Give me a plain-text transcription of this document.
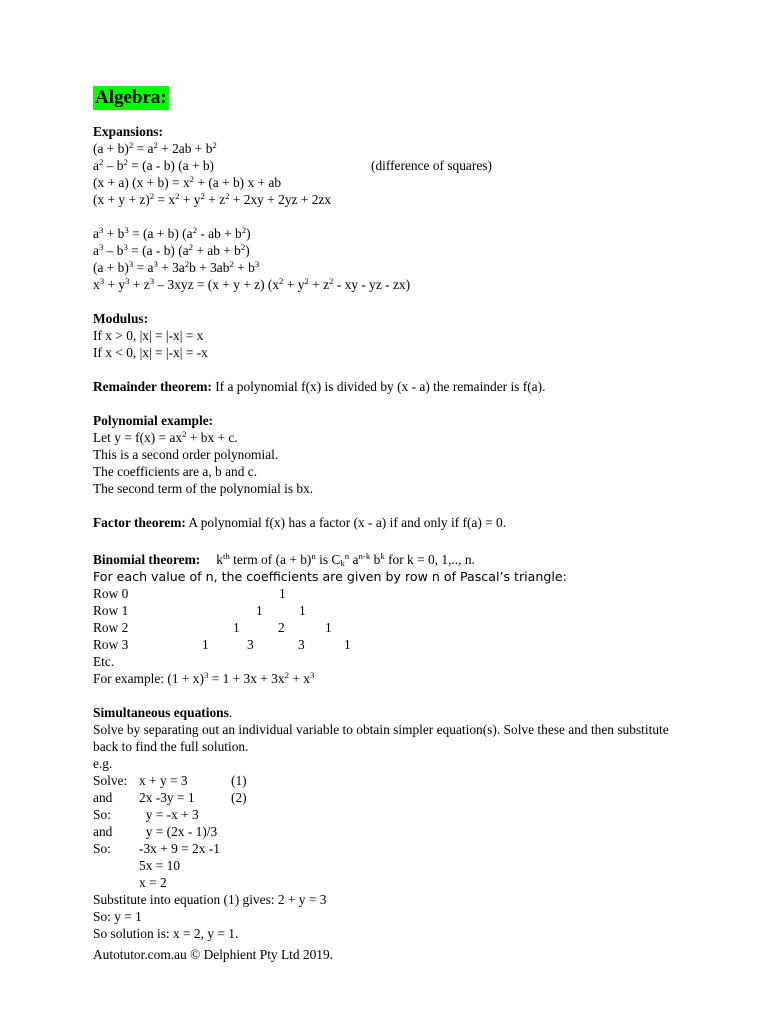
Algebra:
Expansions:
$(a + b)^2 = a^2 + 2ab + b^2$
$a^2 - b^2 = (a - b) (a + b)$	(difference of squares)
(x + a) $(x + b) = x^2 + (a + b) x$ + ab
$(x + y + z)^2 = x^2 + y^2 + z^2 + 2xy + 2yz + 2zx$
$a^3 + b^3 = (a + b)$ ($a^2$ - ab + $b^2$)
$a^3 - b^3 = (a - b) (a^2$ + ab + $b^2$)
$(a + b)^3 = a^3 + 3a^2b + 3ab^2 + b^3$
$x^3 + y^3 + z^3 - 3xyz = (x + y + z) (x^2 + y^2 + z^2$ - xy - yz - zx)
Modulus:
If x > 0, |x| = |-x| = x
If x < 0, |x| = |-x| = -x
Remainder theorem: If a polynomial f(x) is divided by (x - a) the remainder is f(a).
Polynomial example:
Let $y = f(x) = ax^2$ + bx + c.
This is a second order polynomial.
The coefficients are a, b and c.
The second term of the polynomial is bx.
Factor theorem: A polynomial f(x) has a factor (x - a) if and only if f(a) = 0.
Binomial theorem: $k^{th}$ term of $(a + b)^n$ is $C_k^n$ $a^{n-k}$ $b^k$ for k = 0, 1,.., n.
For each value of n, the coefficients are given by row n of Pascal’s triangle:
Row 0	1
Row 1	1	1
Row 2	1	2	1
Row 3	1	3	3	1
Etc.
For example: $(1 + x)^3 = 1 + 3x + 3x^2 + x^3$
Simultaneous equations.
Solve by separating out an individual variable to obtain simpler equation(s). Solve these and then substitute back to find the full solution.
e.g.
Solve: x + y = 3	(1)
and 2x -3y = 1	(2)
So: y = -x + 3
and y = (2x - 1)/3
So: -3x + 9 = 2x -1
5x = 10
x = 2
Substitute into equation (1) gives: 2 + y = 3
So: y = 1
So solution is: x = 2, y = 1.
Autotutor.com.au © Delphient Pty Ltd 2019.
